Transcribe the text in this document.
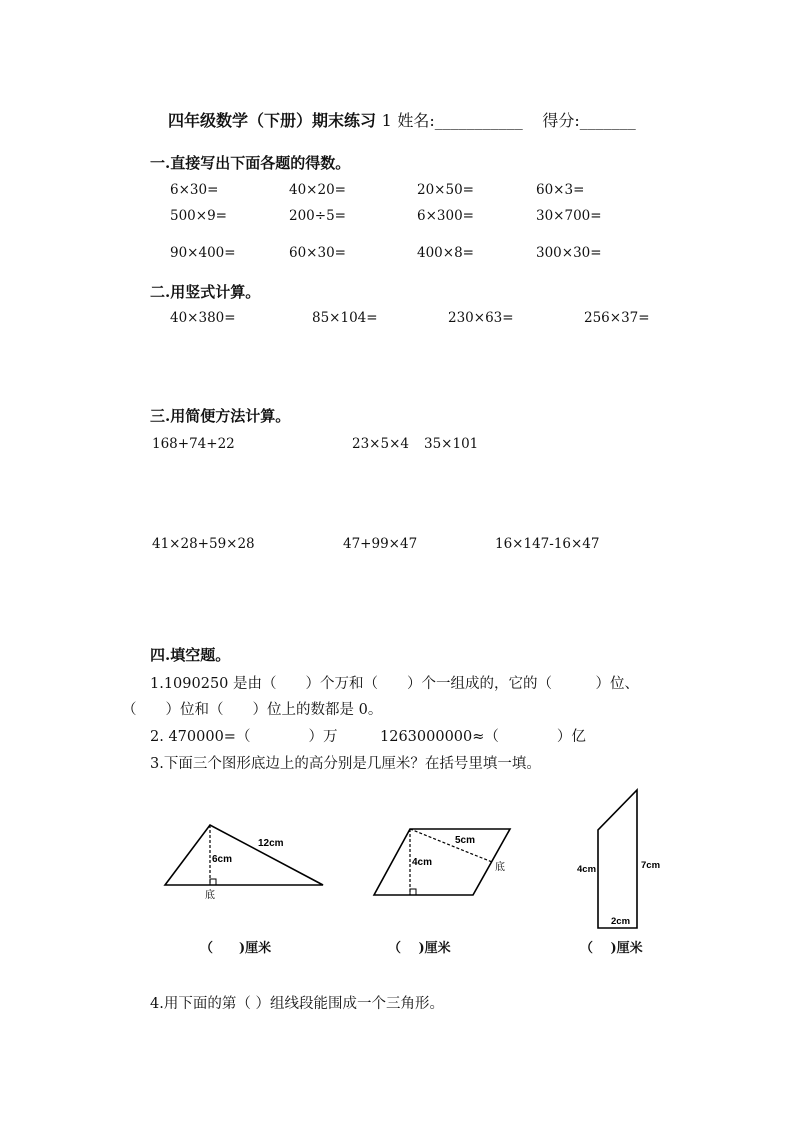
四年级数学（下册）期末练习 1 姓名:___________ 得分:_______
一.直接写出下面各题的得数。
6×30=	40×20=	20×50=	60×3=
500×9=	200÷5=	6×300=	30×700=
90×400=	60×30=	400×8=	300×30=
二.用竖式计算。
40×380=	85×104=	230×63=	256×37=
三.用简便方法计算。
168+74+22	23×5×4 35×101
41×28+59×28	47+99×47	16×147-16×47
四.填空题。
1.1090250 是由（　　）个万和（　　）个一组成的，它的（　　　）位、
（　　）位和（　　）位上的数都是 0。
2. 470000=（　　　　）万	1263000000≈（　　　　）亿
3.下面三个图形底边上的高分别是几厘米？在括号里填一填。
12cm
6cm
底
5cm
4cm	底	4cm	7cm
2cm
（　　)厘米	（　 )厘米	（　 )厘米
4.用下面的第（ ）组线段能围成一个三角形。
